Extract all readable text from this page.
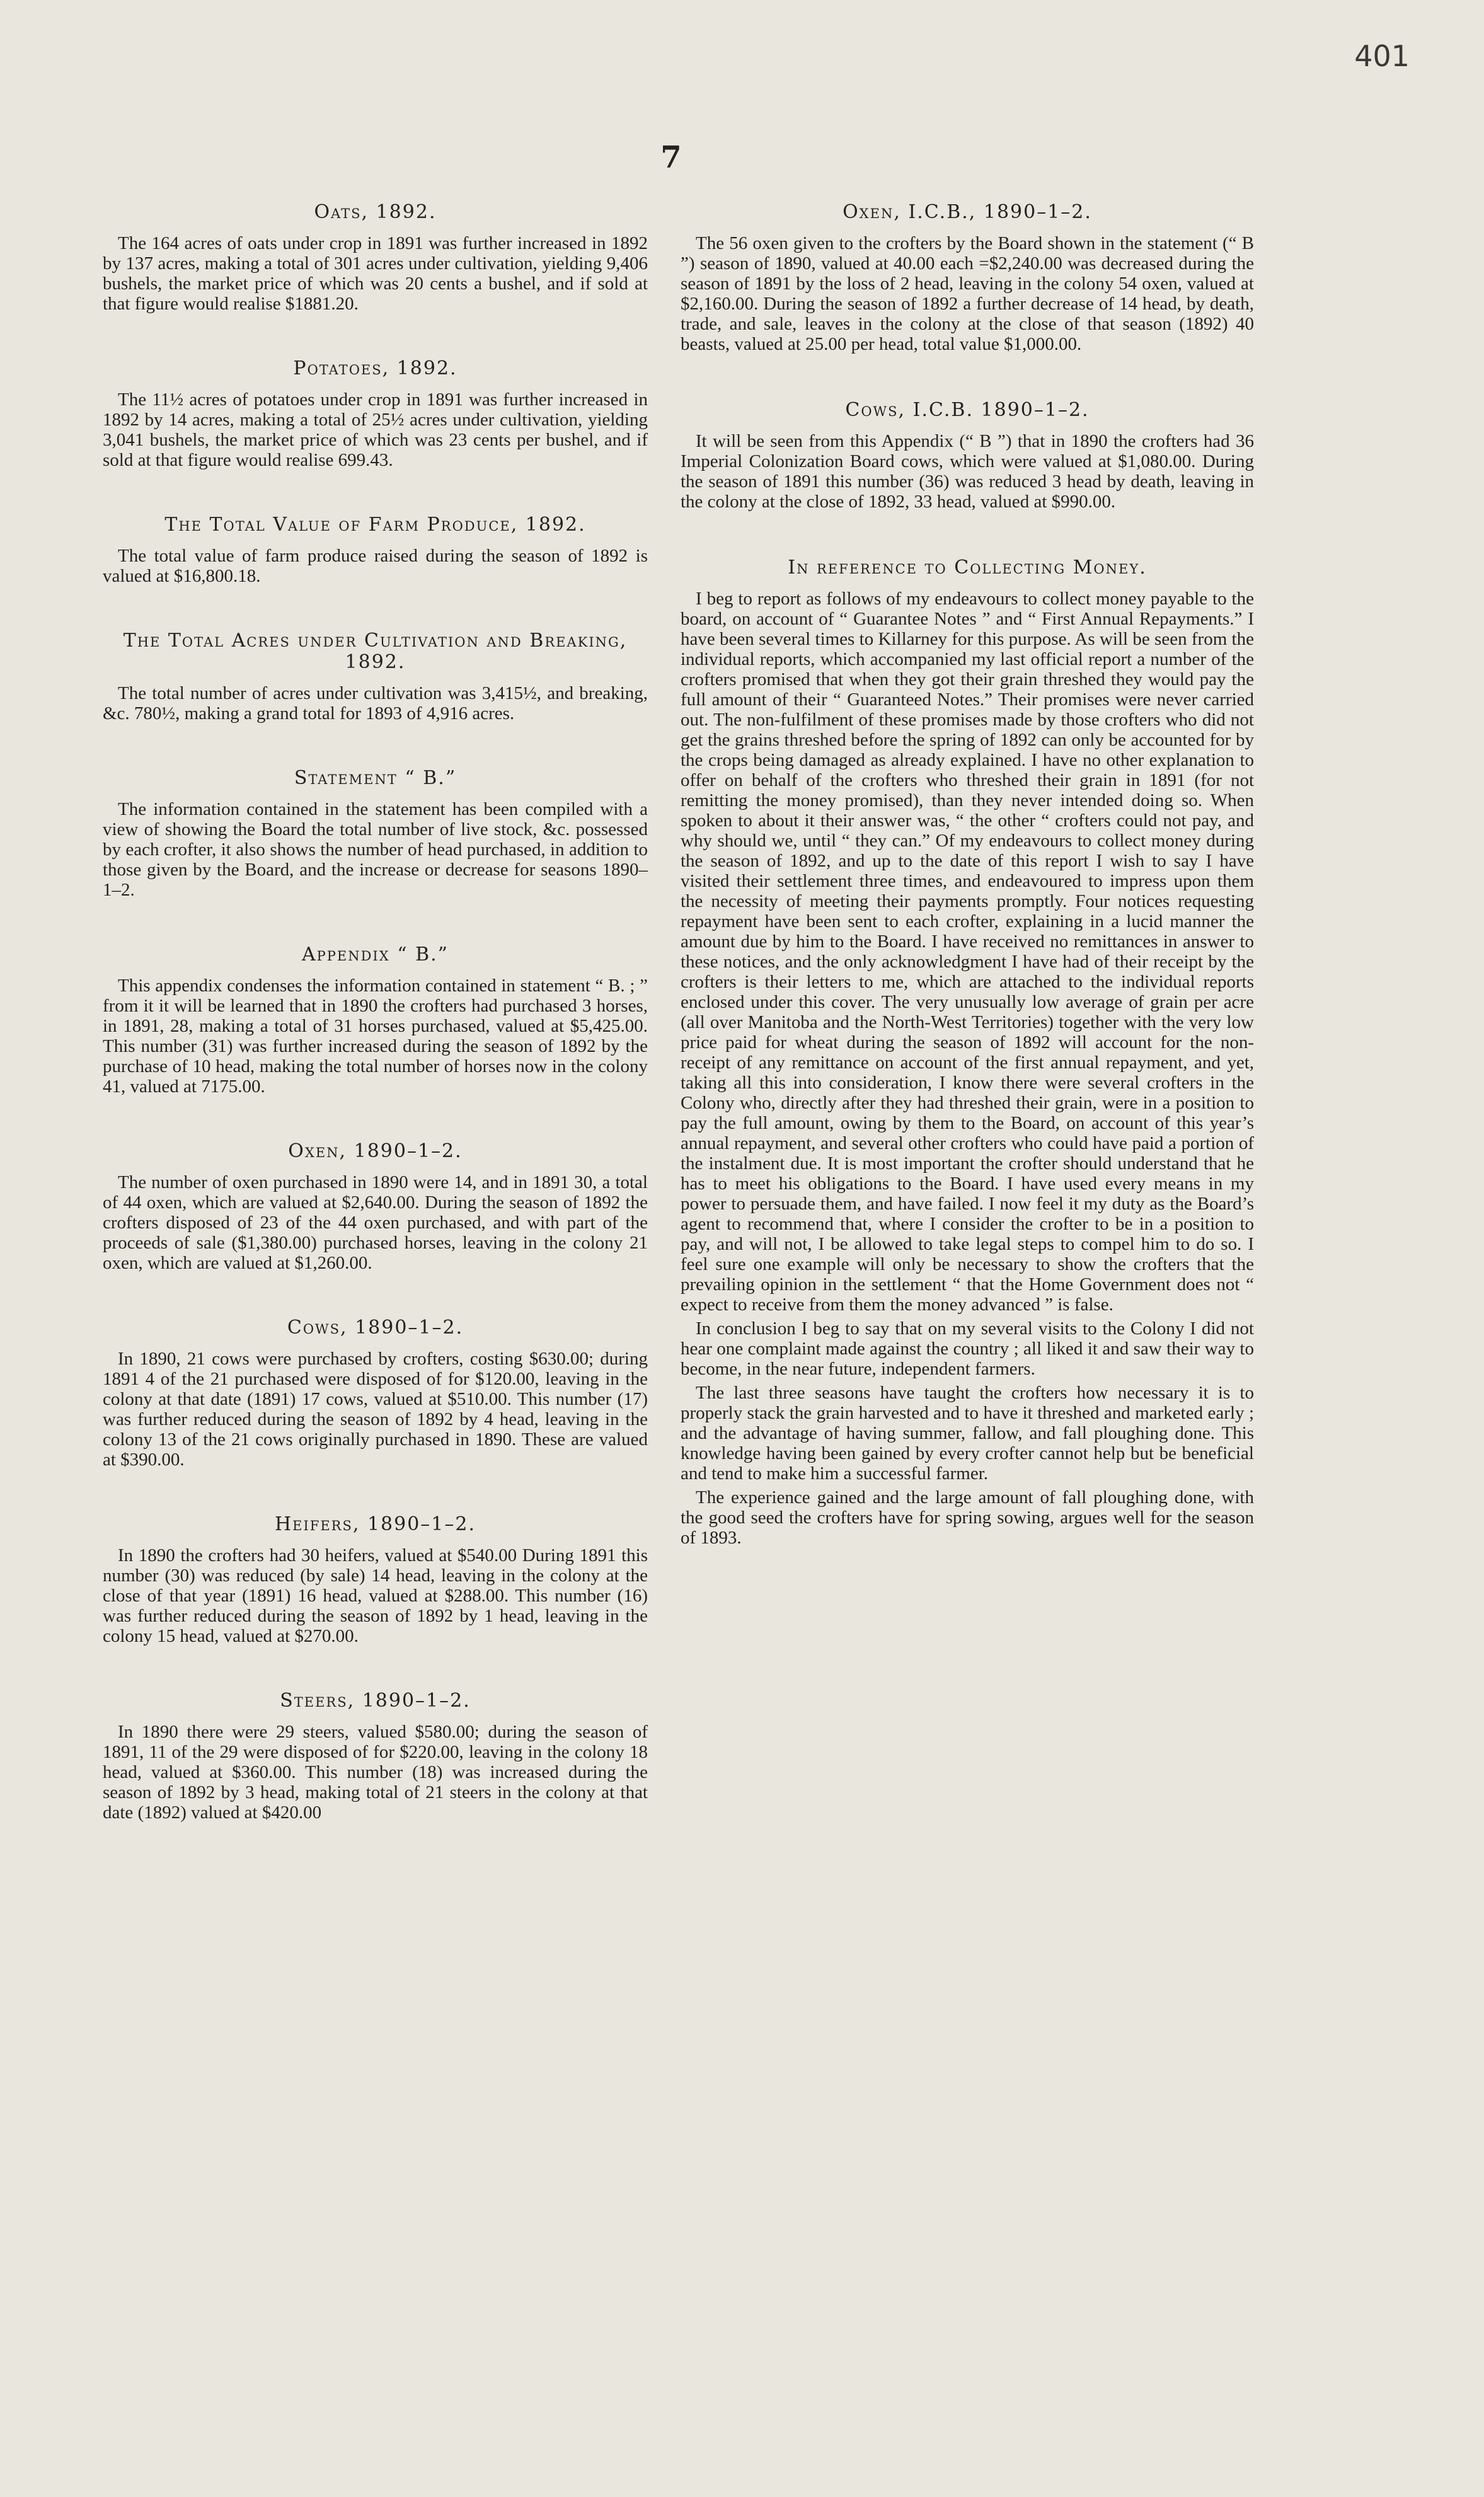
401
7
Oats, 1892.

The 164 acres of oats under crop in 1891 was further increased in 1892 by 137 acres, making a total of 301 acres under cultivation, yielding 9,406 bushels, the market price of which was 20 cents a bushel, and if sold at that figure would realise $1881.20.

Potatoes, 1892.

The 11½ acres of potatoes under crop in 1891 was further increased in 1892 by 14 acres, making a total of 25½ acres under cultivation, yielding 3,041 bushels, the market price of which was 23 cents per bushel, and if sold at that figure would realise 699.43.

The Total Value of Farm Produce, 1892.

The total value of farm produce raised during the season of 1892 is valued at $16,800.18.

The Total Acres under Cultivation and Breaking, 1892.

The total number of acres under cultivation was 3,415½, and breaking, &c. 780½, making a grand total for 1893 of 4,916 acres.

Statement “ B.”

The information contained in the statement has been compiled with a view of showing the Board the total number of live stock, &c. possessed by each crofter, it also shows the number of head purchased, in addition to those given by the Board, and the increase or decrease for seasons 1890–1–2.

Appendix “ B.”

This appendix condenses the information contained in statement “ B. ; ” from it it will be learned that in 1890 the crofters had purchased 3 horses, in 1891, 28, making a total of 31 horses purchased, valued at $5,425.00. This number (31) was further increased during the season of 1892 by the purchase of 10 head, making the total number of horses now in the colony 41, valued at 7175.00.

Oxen, 1890–1–2.

The number of oxen purchased in 1890 were 14, and in 1891 30, a total of 44 oxen, which are valued at $2,640.00. During the season of 1892 the crofters disposed of 23 of the 44 oxen purchased, and with part of the proceeds of sale ($1,380.00) purchased horses, leaving in the colony 21 oxen, which are valued at $1,260.00.

Cows, 1890–1–2.

In 1890, 21 cows were purchased by crofters, costing $630.00; during 1891 4 of the 21 purchased were disposed of for $120.00, leaving in the colony at that date (1891) 17 cows, valued at $510.00. This number (17) was further reduced during the season of 1892 by 4 head, leaving in the colony 13 of the 21 cows originally purchased in 1890. These are valued at $390.00.

Heifers, 1890–1–2.

In 1890 the crofters had 30 heifers, valued at $540.00 During 1891 this number (30) was reduced (by sale) 14 head, leaving in the colony at the close of that year (1891) 16 head, valued at $288.00. This number (16) was further reduced during the season of 1892 by 1 head, leaving in the colony 15 head, valued at $270.00.

Steers, 1890–1–2.

In 1890 there were 29 steers, valued $580.00; during the season of 1891, 11 of the 29 were disposed of for $220.00, leaving in the colony 18 head, valued at $360.00. This number (18) was increased during the season of 1892 by 3 head, making total of 21 steers in the colony at that date (1892) valued at $420.00

Oxen, I.C.B., 1890–1–2.

The 56 oxen given to the crofters by the Board shown in the statement (“ B ”) season of 1890, valued at 40.00 each =$2,240.00 was decreased during the season of 1891 by the loss of 2 head, leaving in the colony 54 oxen, valued at $2,160.00. During the season of 1892 a further decrease of 14 head, by death, trade, and sale, leaves in the colony at the close of that season (1892) 40 beasts, valued at 25.00 per head, total value $1,000.00.

Cows, I.C.B. 1890–1–2.

It will be seen from this Appendix (“ B ”) that in 1890 the crofters had 36 Imperial Colonization Board cows, which were valued at $1,080.00. During the season of 1891 this number (36) was reduced 3 head by death, leaving in the colony at the close of 1892, 33 head, valued at $990.00.

In reference to Collecting Money.

I beg to report as follows of my endeavours to collect money payable to the board, on account of “ Guarantee Notes ” and “ First Annual Repayments.” I have been several times to Killarney for this purpose. As will be seen from the individual reports, which accompanied my last official report a number of the crofters promised that when they got their grain threshed they would pay the full amount of their “ Guaranteed Notes.” Their promises were never carried out. The non-fulfilment of these promises made by those crofters who did not get the grains threshed before the spring of 1892 can only be accounted for by the crops being damaged as already explained. I have no other explanation to offer on behalf of the crofters who threshed their grain in 1891 (for not remitting the money promised), than they never intended doing so. When spoken to about it their answer was, “ the other “ crofters could not pay, and why should we, until “ they can.” Of my endeavours to collect money during the season of 1892, and up to the date of this report I wish to say I have visited their settlement three times, and endeavoured to impress upon them the necessity of meeting their payments promptly. Four notices requesting repayment have been sent to each crofter, explaining in a lucid manner the amount due by him to the Board. I have received no remittances in answer to these notices, and the only acknowledgment I have had of their receipt by the crofters is their letters to me, which are attached to the individual reports enclosed under this cover. The very unusually low average of grain per acre (all over Manitoba and the North-West Territories) together with the very low price paid for wheat during the season of 1892 will account for the non-receipt of any remittance on account of the first annual repayment, and yet, taking all this into consideration, I know there were several crofters in the Colony who, directly after they had threshed their grain, were in a position to pay the full amount, owing by them to the Board, on account of this year’s annual repayment, and several other crofters who could have paid a portion of the instalment due. It is most important the crofter should understand that he has to meet his obligations to the Board. I have used every means in my power to persuade them, and have failed. I now feel it my duty as the Board’s agent to recommend that, where I consider the crofter to be in a position to pay, and will not, I be allowed to take legal steps to compel him to do so. I feel sure one example will only be necessary to show the crofters that the prevailing opinion in the settlement “ that the Home Government does not “ expect to receive from them the money advanced ” is false.

In conclusion I beg to say that on my several visits to the Colony I did not hear one complaint made against the country ; all liked it and saw their way to become, in the near future, independent farmers.

The last three seasons have taught the crofters how necessary it is to properly stack the grain harvested and to have it threshed and marketed early ; and the advantage of having summer, fallow, and fall ploughing done. This knowledge having been gained by every crofter cannot help but be beneficial and tend to make him a successful farmer.

The experience gained and the large amount of fall ploughing done, with the good seed the crofters have for spring sowing, argues well for the season of 1893.
